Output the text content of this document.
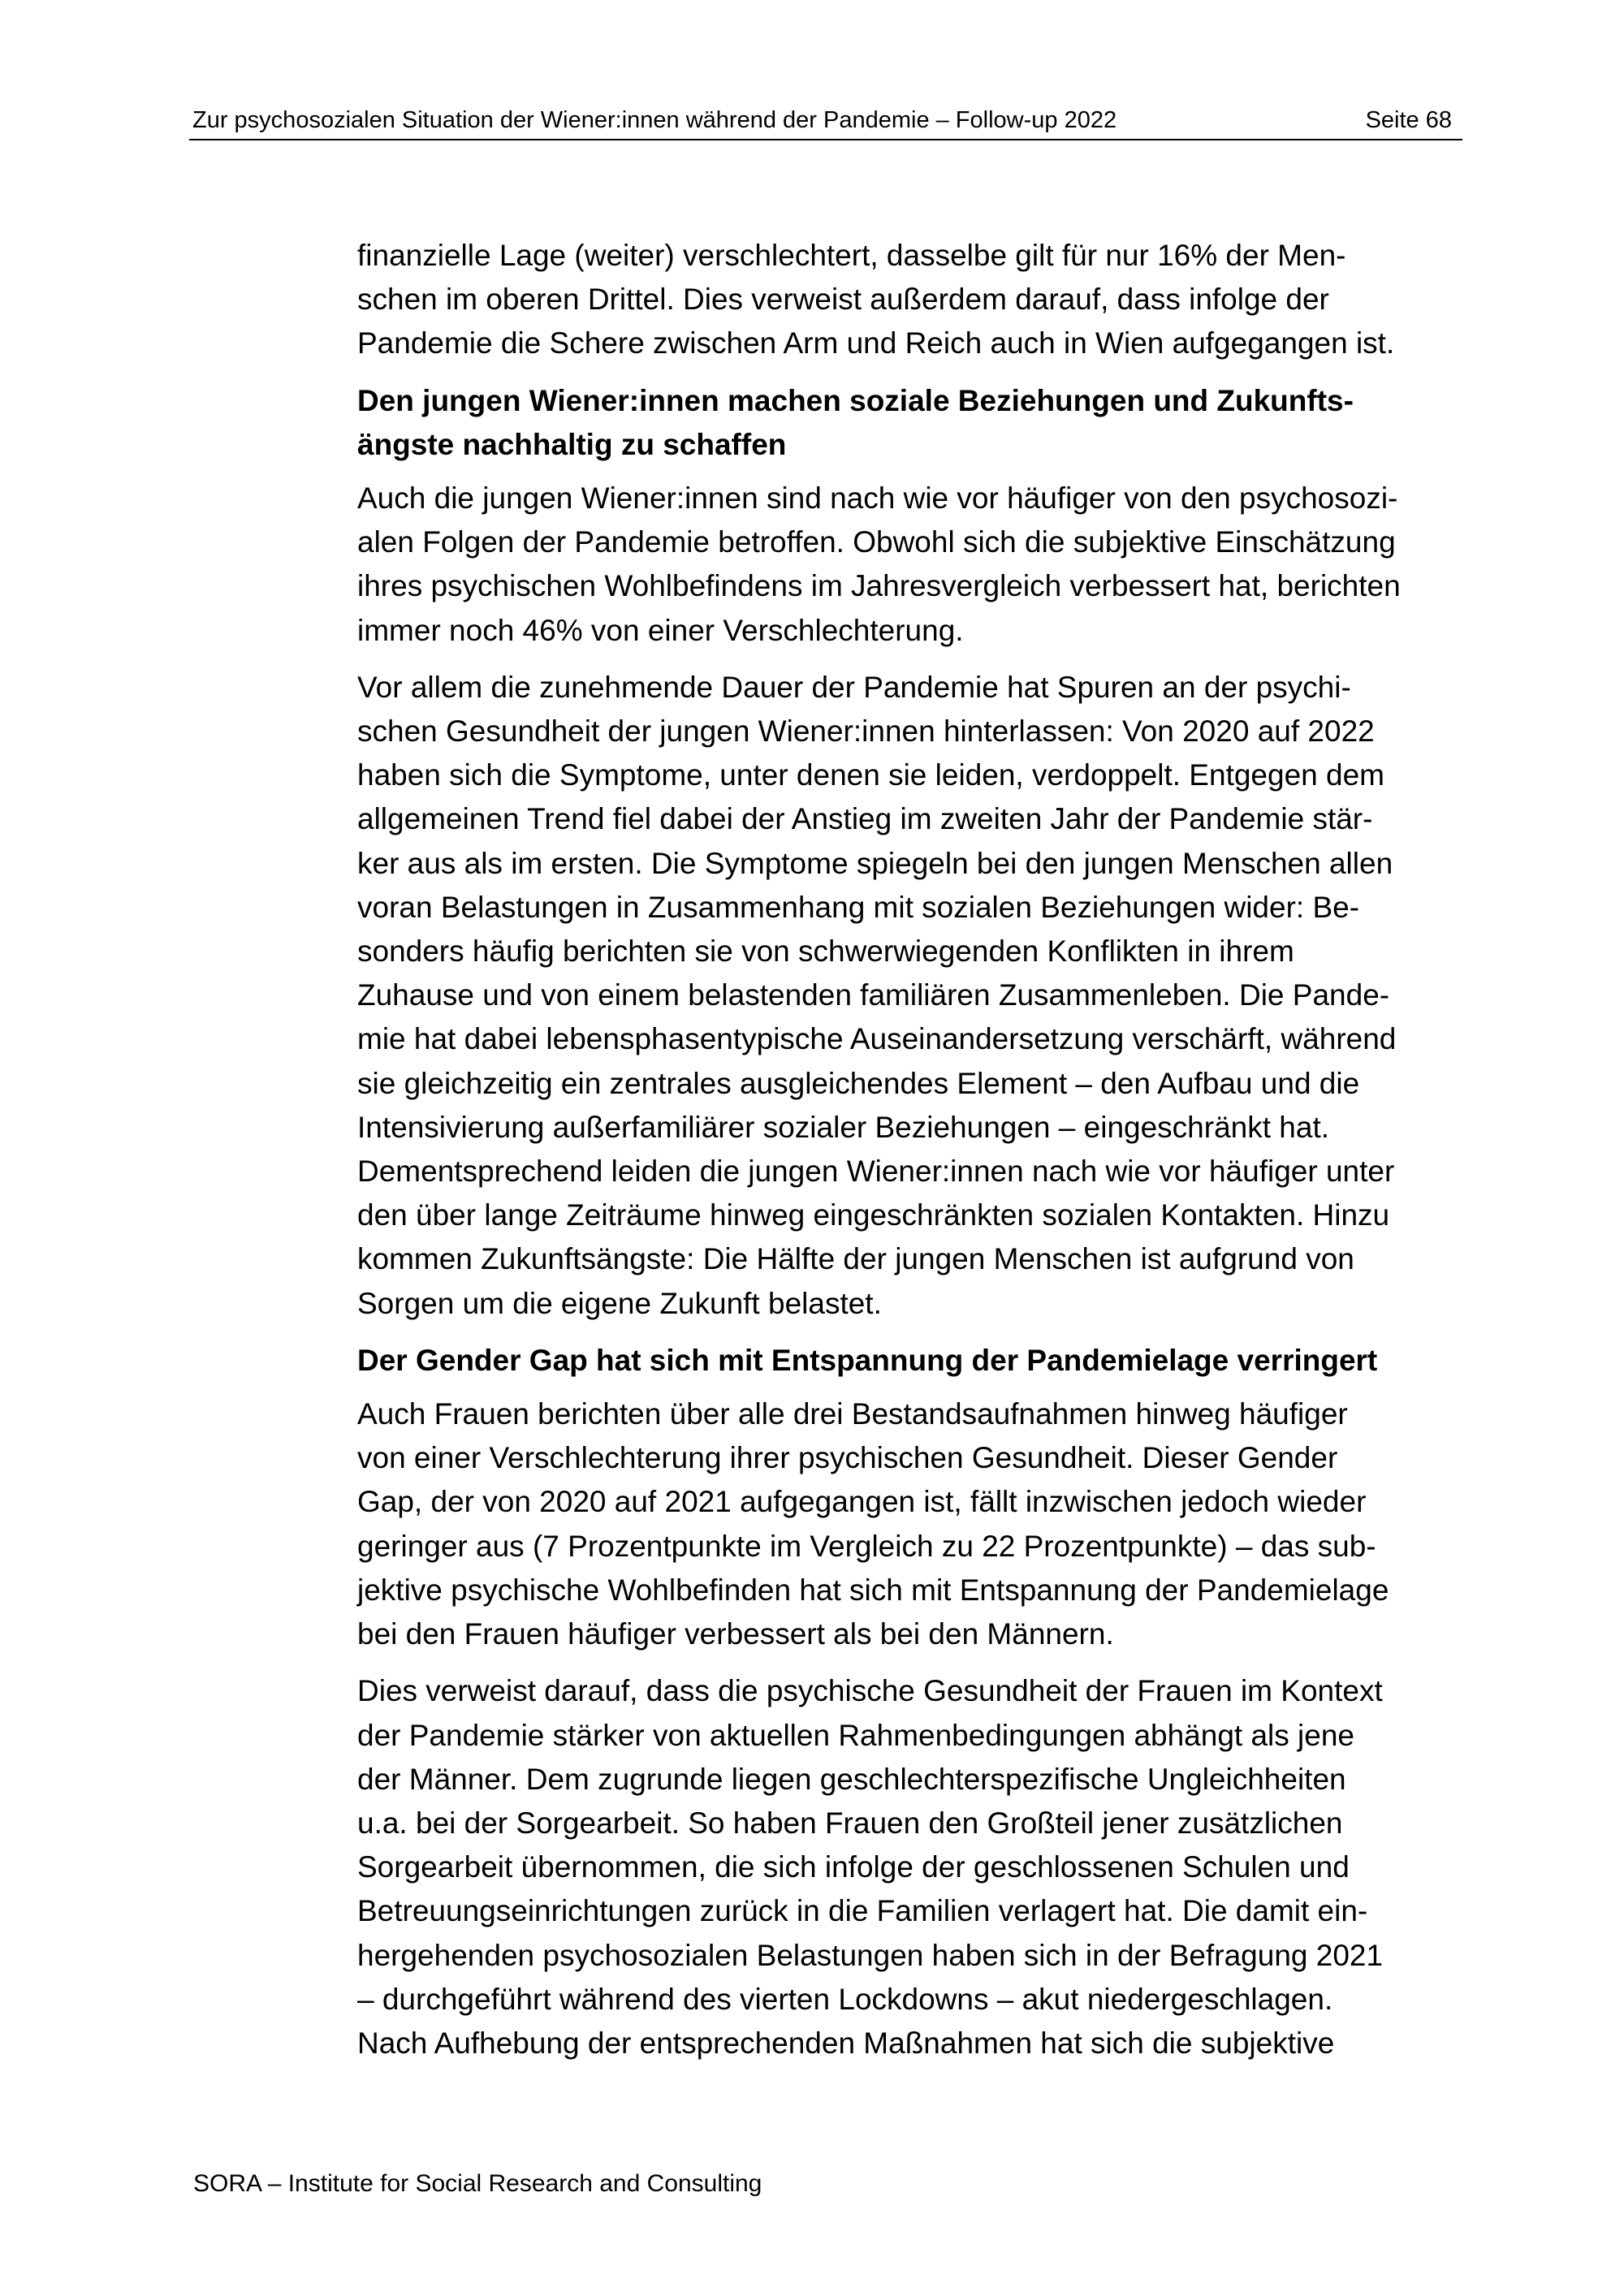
Zur psychosozialen Situation der Wiener:innen während der Pandemie – Follow-up 2022	Seite 68

finanzielle Lage (weiter) verschlechtert, dasselbe gilt für nur 16% der Men-
schen im oberen Drittel. Dies verweist außerdem darauf, dass infolge der
Pandemie die Schere zwischen Arm und Reich auch in Wien aufgegangen ist.

Den jungen Wiener:innen machen soziale Beziehungen und Zukunfts-
ängste nachhaltig zu schaffen

Auch die jungen Wiener:innen sind nach wie vor häufiger von den psychosozi-
alen Folgen der Pandemie betroffen. Obwohl sich die subjektive Einschätzung
ihres psychischen Wohlbefindens im Jahresvergleich verbessert hat, berichten
immer noch 46% von einer Verschlechterung.

Vor allem die zunehmende Dauer der Pandemie hat Spuren an der psychi-
schen Gesundheit der jungen Wiener:innen hinterlassen: Von 2020 auf 2022
haben sich die Symptome, unter denen sie leiden, verdoppelt. Entgegen dem
allgemeinen Trend fiel dabei der Anstieg im zweiten Jahr der Pandemie stär-
ker aus als im ersten. Die Symptome spiegeln bei den jungen Menschen allen
voran Belastungen in Zusammenhang mit sozialen Beziehungen wider: Be-
sonders häufig berichten sie von schwerwiegenden Konflikten in ihrem
Zuhause und von einem belastenden familiären Zusammenleben. Die Pande-
mie hat dabei lebensphasentypische Auseinandersetzung verschärft, während
sie gleichzeitig ein zentrales ausgleichendes Element – den Aufbau und die
Intensivierung außerfamiliärer sozialer Beziehungen – eingeschränkt hat.
Dementsprechend leiden die jungen Wiener:innen nach wie vor häufiger unter
den über lange Zeiträume hinweg eingeschränkten sozialen Kontakten. Hinzu
kommen Zukunftsängste: Die Hälfte der jungen Menschen ist aufgrund von
Sorgen um die eigene Zukunft belastet.

Der Gender Gap hat sich mit Entspannung der Pandemielage verringert

Auch Frauen berichten über alle drei Bestandsaufnahmen hinweg häufiger
von einer Verschlechterung ihrer psychischen Gesundheit. Dieser Gender
Gap, der von 2020 auf 2021 aufgegangen ist, fällt inzwischen jedoch wieder
geringer aus (7 Prozentpunkte im Vergleich zu 22 Prozentpunkte) – das sub-
jektive psychische Wohlbefinden hat sich mit Entspannung der Pandemielage
bei den Frauen häufiger verbessert als bei den Männern.

Dies verweist darauf, dass die psychische Gesundheit der Frauen im Kontext
der Pandemie stärker von aktuellen Rahmenbedingungen abhängt als jene
der Männer. Dem zugrunde liegen geschlechterspezifische Ungleichheiten
u.a. bei der Sorgearbeit. So haben Frauen den Großteil jener zusätzlichen
Sorgearbeit übernommen, die sich infolge der geschlossenen Schulen und
Betreuungseinrichtungen zurück in die Familien verlagert hat. Die damit ein-
hergehenden psychosozialen Belastungen haben sich in der Befragung 2021
– durchgeführt während des vierten Lockdowns – akut niedergeschlagen.
Nach Aufhebung der entsprechenden Maßnahmen hat sich die subjektive

SORA – Institute for Social Research and Consulting
